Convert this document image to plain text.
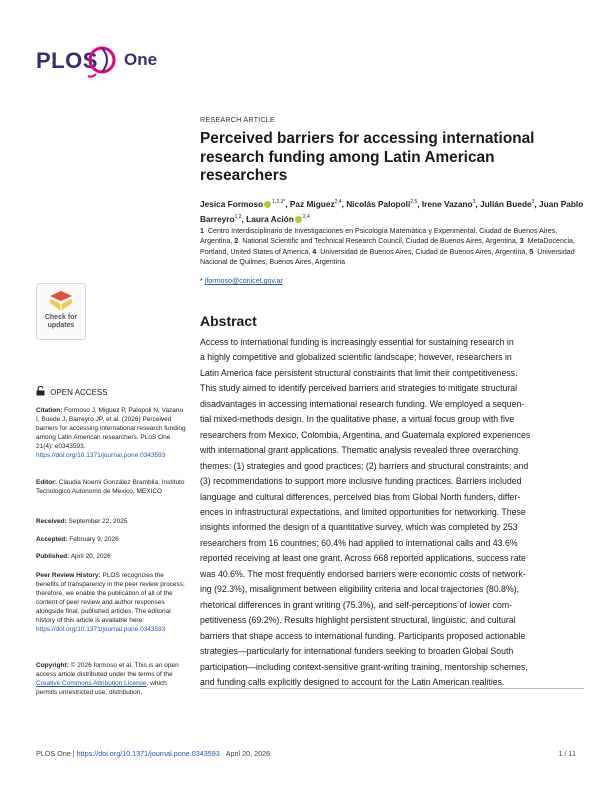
PLOS One
Check for
updates
OPEN ACCESS
Citation: Formoso J, Miguez P, Palopoli N, Vazano I, Buede J, Barreyro JP, et al. (2026) Perceived barriers for accessing international research funding among Latin American researchers. PLoS One 21(4): e0343593. https://doi.org/10.1371/journal.pone.0343593
Editor: Claudia Noemi González Brambila, Instituto Tecnologico Autonomo de Mexico, MEXICO
Received: September 22, 2025
Accepted: February 9, 2026
Published: April 20, 2026
Peer Review History: PLOS recognizes the benefits of transparency in the peer review process; therefore, we enable the publication of all of the content of peer review and author responses alongside final, published articles. The editorial history of this article is available here: https://doi.org/10.1371/journal.pone.0343593
Copyright: © 2026 formoso et al. This is an open access article distributed under the terms of the Creative Commons Attribution License, which permits unrestricted use, distribution,
RESEARCH ARTICLE
Perceived barriers for accessing international research funding among Latin American researchers
Jesica Formoso $^{1,2,3*}$, Paz Miguez$^{2,4}$, Nicolás Palopoli$^{2,5}$, Irene Vazano$^3$, Julián Buede$^3$, Juan Pablo Barreyro$^{1,2}$, Laura Ación $^{2,4}$
1 Centro Interdisciplinario de Investigaciones en Psicología Matemática y Experimental, Ciudad de Buenos Aires, Argentina, 2 National Scientific and Technical Research Council, Ciudad de Buenos Aires, Argentina, 3 MetaDocencia, Portland, United States of America, 4 Universidad de Buenos Aires, Ciudad de Buenos Aires, Argentina, 5 Universidad Nacional de Quilmes, Buenos Aires, Argentina
* jformoso@conicet.gov.ar
Abstract
Access to international funding is increasingly essential for sustaining research in
a highly competitive and globalized scientific landscape; however, researchers in
Latin America face persistent structural constraints that limit their competitiveness.
This study aimed to identify perceived barriers and strategies to mitigate structural
disadvantages in accessing international research funding. We employed a sequen-
tial mixed-methods design. In the qualitative phase, a virtual focus group with five
researchers from Mexico, Colombia, Argentina, and Guatemala explored experiences
with international grant applications. Thematic analysis revealed three overarching
themes: (1) strategies and good practices; (2) barriers and structural constraints; and
(3) recommendations to support more inclusive funding practices. Barriers included
language and cultural differences, perceived bias from Global North funders, differ-
ences in infrastructural expectations, and limited opportunities for networking. These
insights informed the design of a quantitative survey, which was completed by 253
researchers from 16 countries; 60.4% had applied to international calls and 43.6%
reported receiving at least one grant. Across 668 reported applications, success rate
was 40.6%. The most frequently endorsed barriers were economic costs of network-
ing (92.3%), misalignment between eligibility criteria and local trajectories (80.8%),
rhetorical differences in grant writing (75.3%), and self-perceptions of lower com-
petitiveness (69.2%). Results highlight persistent structural, linguistic, and cultural
barriers that shape access to international funding. Participants proposed actionable
strategies—particularly for international funders seeking to broaden Global South
participation—including context-sensitive grant-writing training, mentorship schemes,
and funding calls explicitly designed to account for the Latin American realities.
PLOS One | https://doi.org/10.1371/journal.pone.0343593 April 20, 2026	1 / 11
